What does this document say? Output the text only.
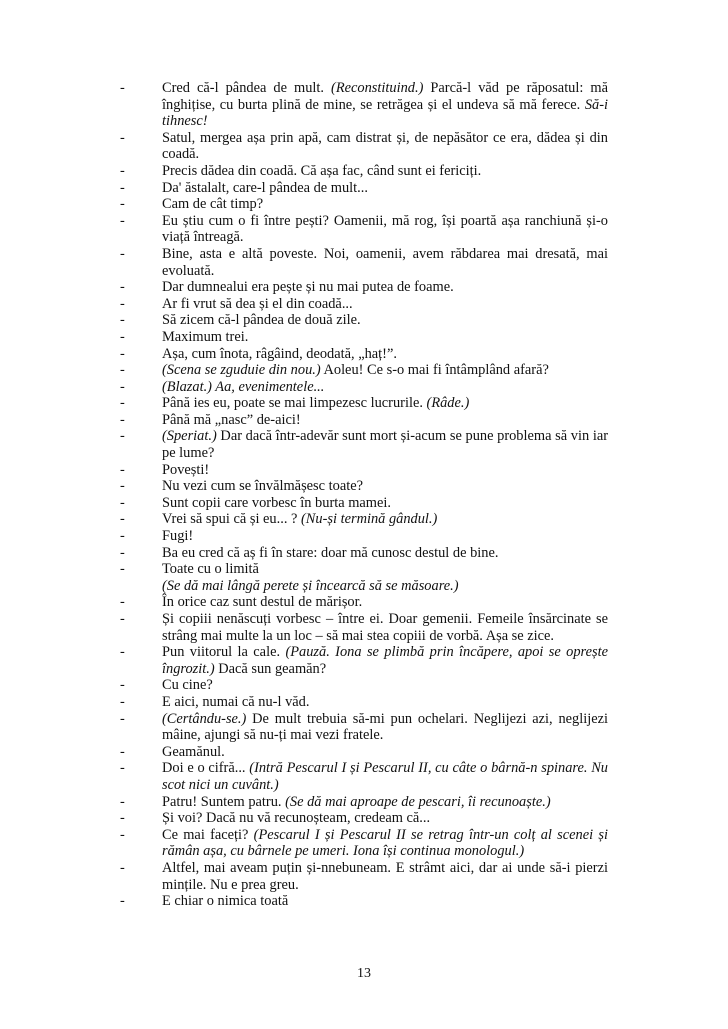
-	Cred că-l pândea de mult. (Reconstituind.) Parcă-l văd pe răposatul: mă înghițise, cu burta plină de mine, se retrăgea și el undeva să mă ferece. Să-i tihnesc!
-	Satul, mergea așa prin apă, cam distrat și, de nepăsător ce era, dădea și din coadă.
-	Precis dădea din coadă. Că așa fac, când sunt ei fericiți.
-	Da' ăstalalt, care-l pândea de mult...
-	Cam de cât timp?
-	Eu știu cum o fi între pești? Oamenii, mă rog, își poartă așa ranchiună și-o viață întreagă.
-	Bine, asta e altă poveste. Noi, oamenii, avem răbdarea mai dresată, mai evoluată.
-	Dar dumnealui era pește și nu mai putea de foame.
-	Ar fi vrut să dea și el din coadă...
-	Să zicem că-l pândea de două zile.
-	Maximum trei.
-	Așa, cum înota, râgâind, deodată, „haț!”.
-	(Scena se zguduie din nou.) Aoleu! Ce s-o mai fi întâmplând afară?
-	(Blazat.) Aa, evenimentele...
-	Până ies eu, poate se mai limpezesc lucrurile. (Râde.)
-	Până mă „nasc” de-aici!
-	(Speriat.) Dar dacă într-adevăr sunt mort și-acum se pune problema să vin iar pe lume?
-	Povești!
-	Nu vezi cum se învălmășesc toate?
-	Sunt copii care vorbesc în burta mamei.
-	Vrei să spui că și eu... ? (Nu-și termină gândul.)
-	Fugi!
-	Ba eu cred că aș fi în stare: doar mă cunosc destul de bine.
-	Toate cu o limită
(Se dă mai lângă perete și încearcă să se măsoare.)
-	În orice caz sunt destul de mărișor.
-	Și copiii nenăscuți vorbesc – între ei. Doar gemenii. Femeile însărcinate se strâng mai multe la un loc – să mai stea copiii de vorbă. Așa se zice.
-	Pun viitorul la cale. (Pauză. Iona se plimbă prin încăpere, apoi se oprește îngrozit.) Dacă sun geamăn?
-	Cu cine?
-	E aici, numai că nu-l văd.
-	(Certându-se.) De mult trebuia să-mi pun ochelari. Neglijezi azi, neglijezi mâine, ajungi să nu-ți mai vezi fratele.
-	Geamănul.
-	Doi e o cifră... (Intră Pescarul I și Pescarul II, cu câte o bârnă-n spinare. Nu scot nici un cuvânt.)
-	Patru! Suntem patru. (Se dă mai aproape de pescari, îi recunoaște.)
-	Și voi? Dacă nu vă recunoșteam, credeam că...
-	Ce mai faceți? (Pescarul I și Pescarul II se retrag într-un colț al scenei și rămân așa, cu bârnele pe umeri. Iona își continua monologul.)
-	Altfel, mai aveam puțin și-nnebuneam. E strâmt aici, dar ai unde să-i pierzi mințile. Nu e prea greu.
-	E chiar o nimica toată
13
